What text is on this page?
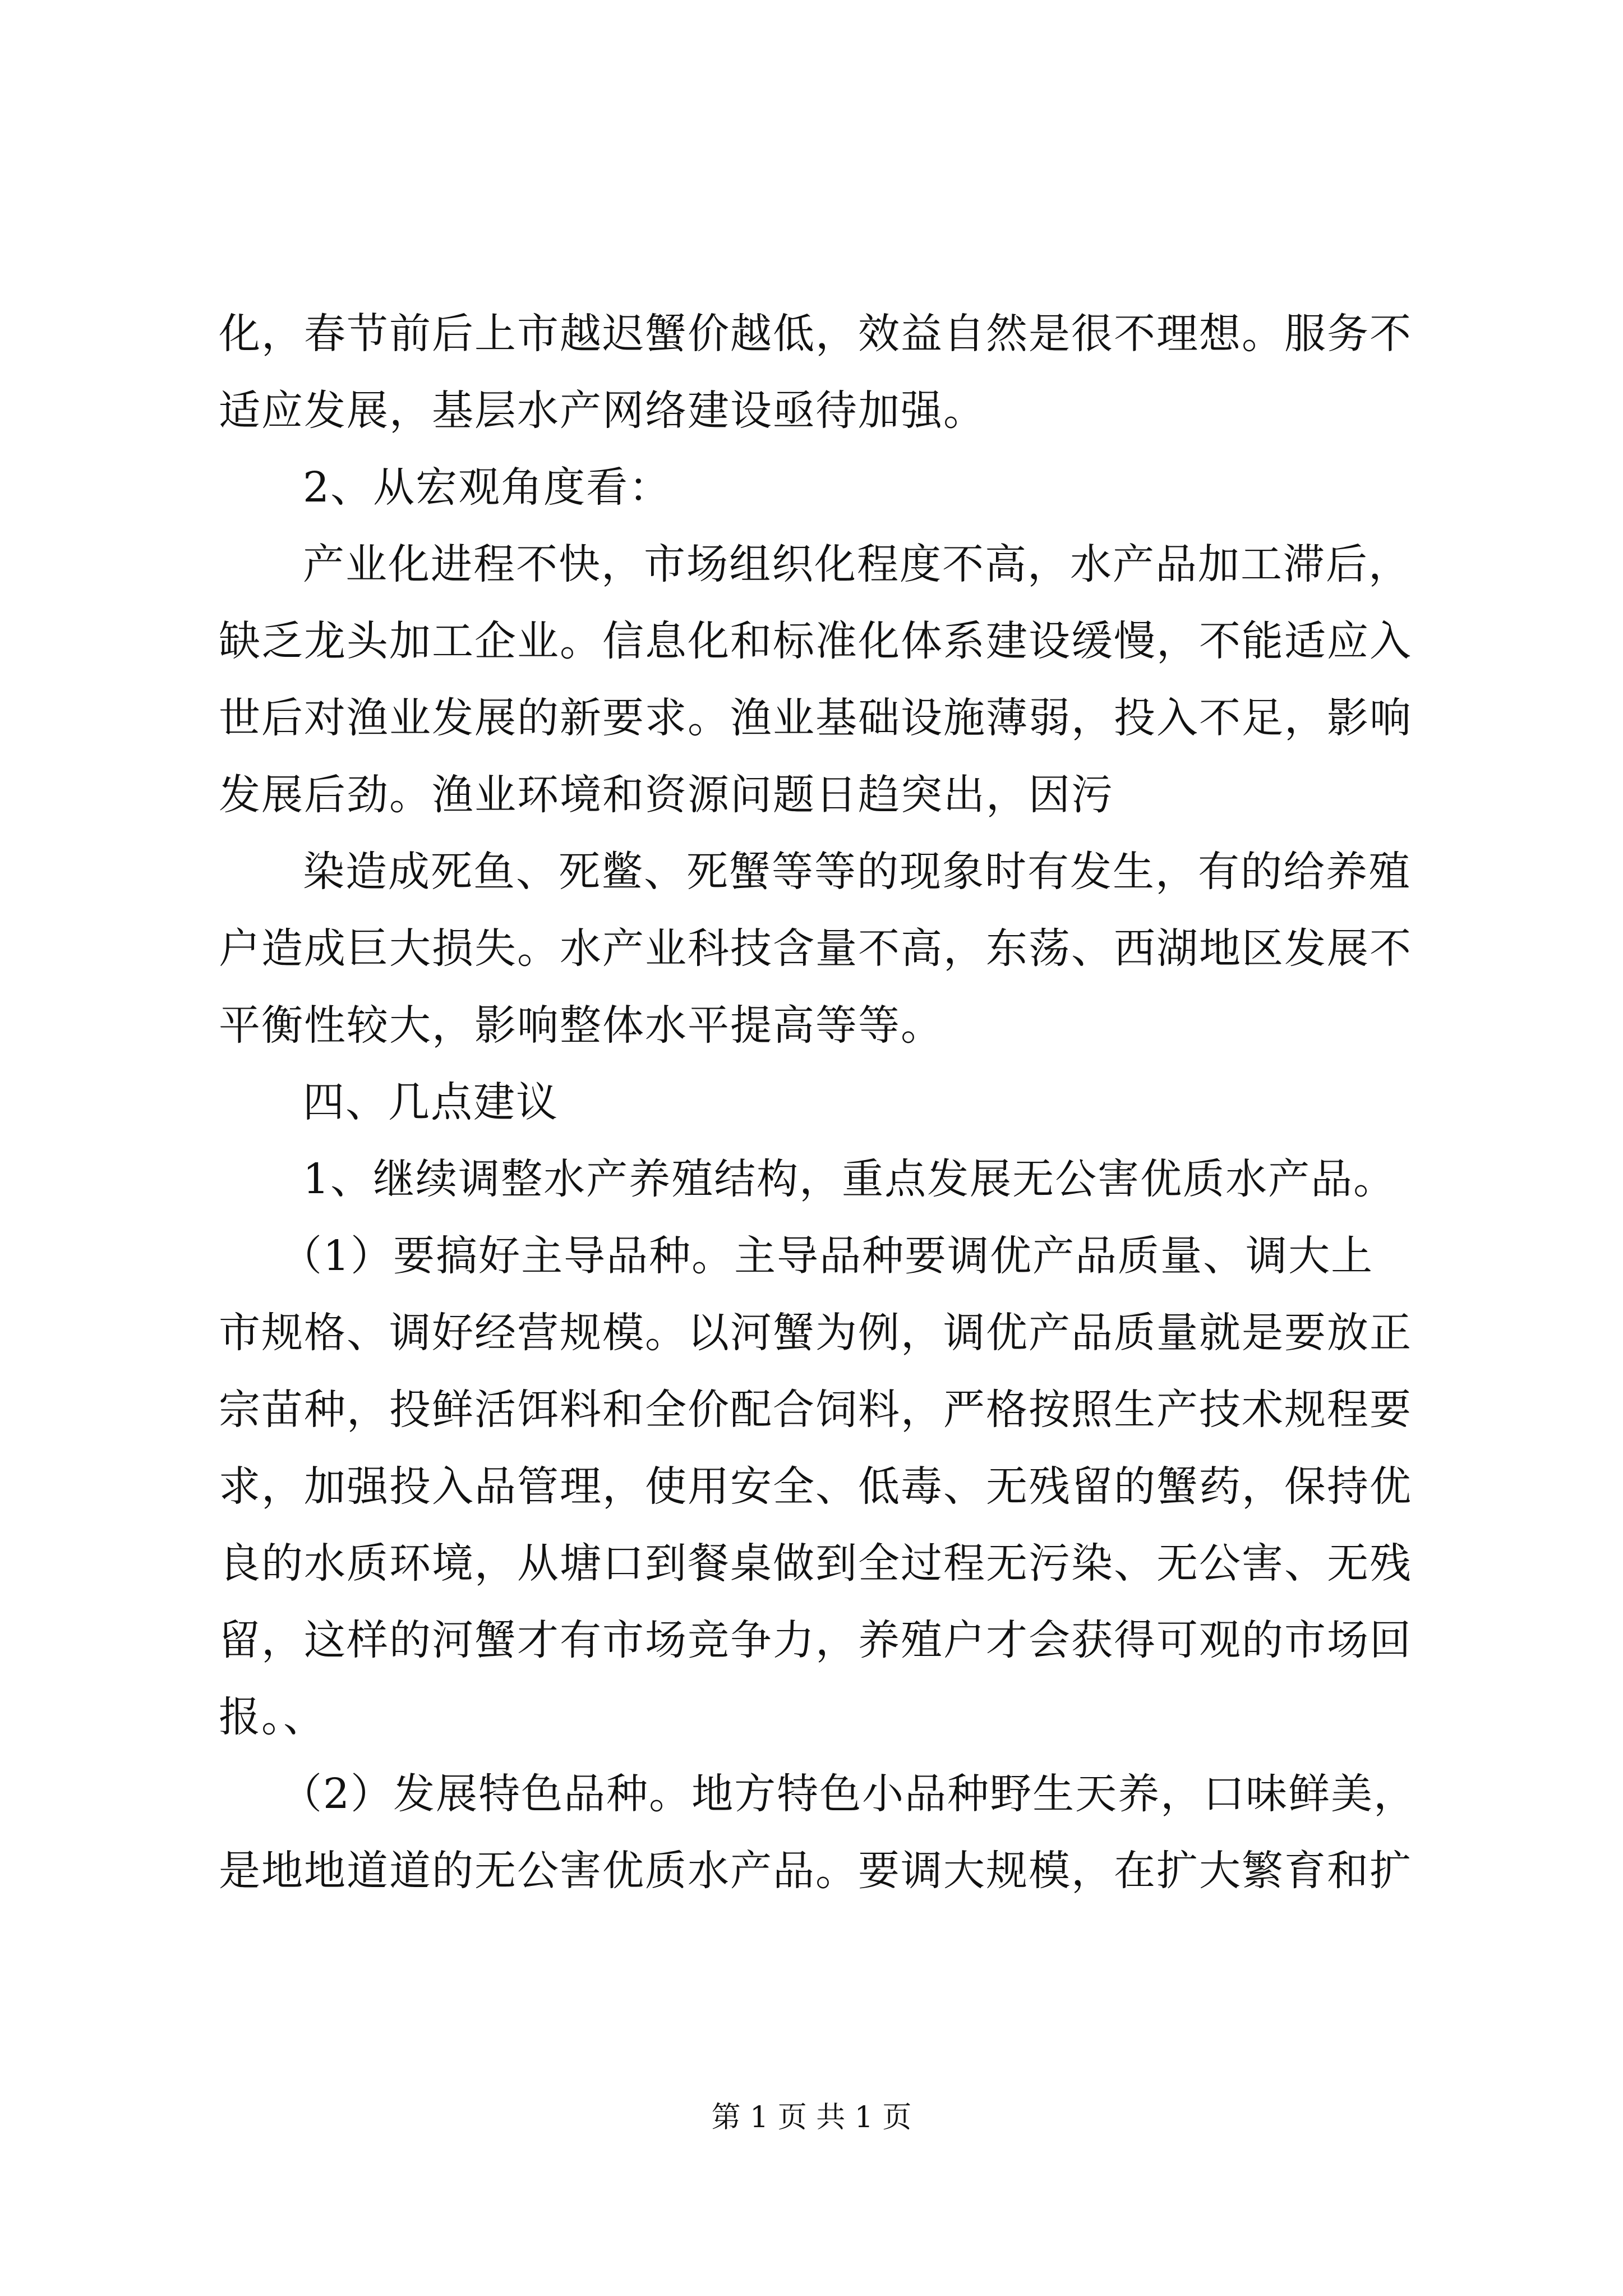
化，春节前后上市越迟蟹价越低，效益自然是很不理想。服务不
适应发展，基层水产网络建设亟待加强。
2、从宏观角度看：
产业化进程不快，市场组织化程度不高，水产品加工滞后，
缺乏龙头加工企业。信息化和标准化体系建设缓慢，不能适应入
世后对渔业发展的新要求。渔业基础设施薄弱，投入不足，影响
发展后劲。渔业环境和资源问题日趋突出，因污
染造成死鱼、死鳖、死蟹等等的现象时有发生，有的给养殖
户造成巨大损失。水产业科技含量不高，东荡、西湖地区发展不
平衡性较大，影响整体水平提高等等。
四、几点建议
1、继续调整水产养殖结构，重点发展无公害优质水产品。
（1）要搞好主导品种。主导品种要调优产品质量、调大上
市规格、调好经营规模。以河蟹为例，调优产品质量就是要放正
宗苗种，投鲜活饵料和全价配合饲料，严格按照生产技术规程要
求，加强投入品管理，使用安全、低毒、无残留的蟹药，保持优
良的水质环境，从塘口到餐桌做到全过程无污染、无公害、无残
留，这样的河蟹才有市场竞争力，养殖户才会获得可观的市场回
报。、
（2）发展特色品种。地方特色小品种野生天养，口味鲜美，
是地地道道的无公害优质水产品。要调大规模，在扩大繁育和扩
第 1 页 共 1 页
